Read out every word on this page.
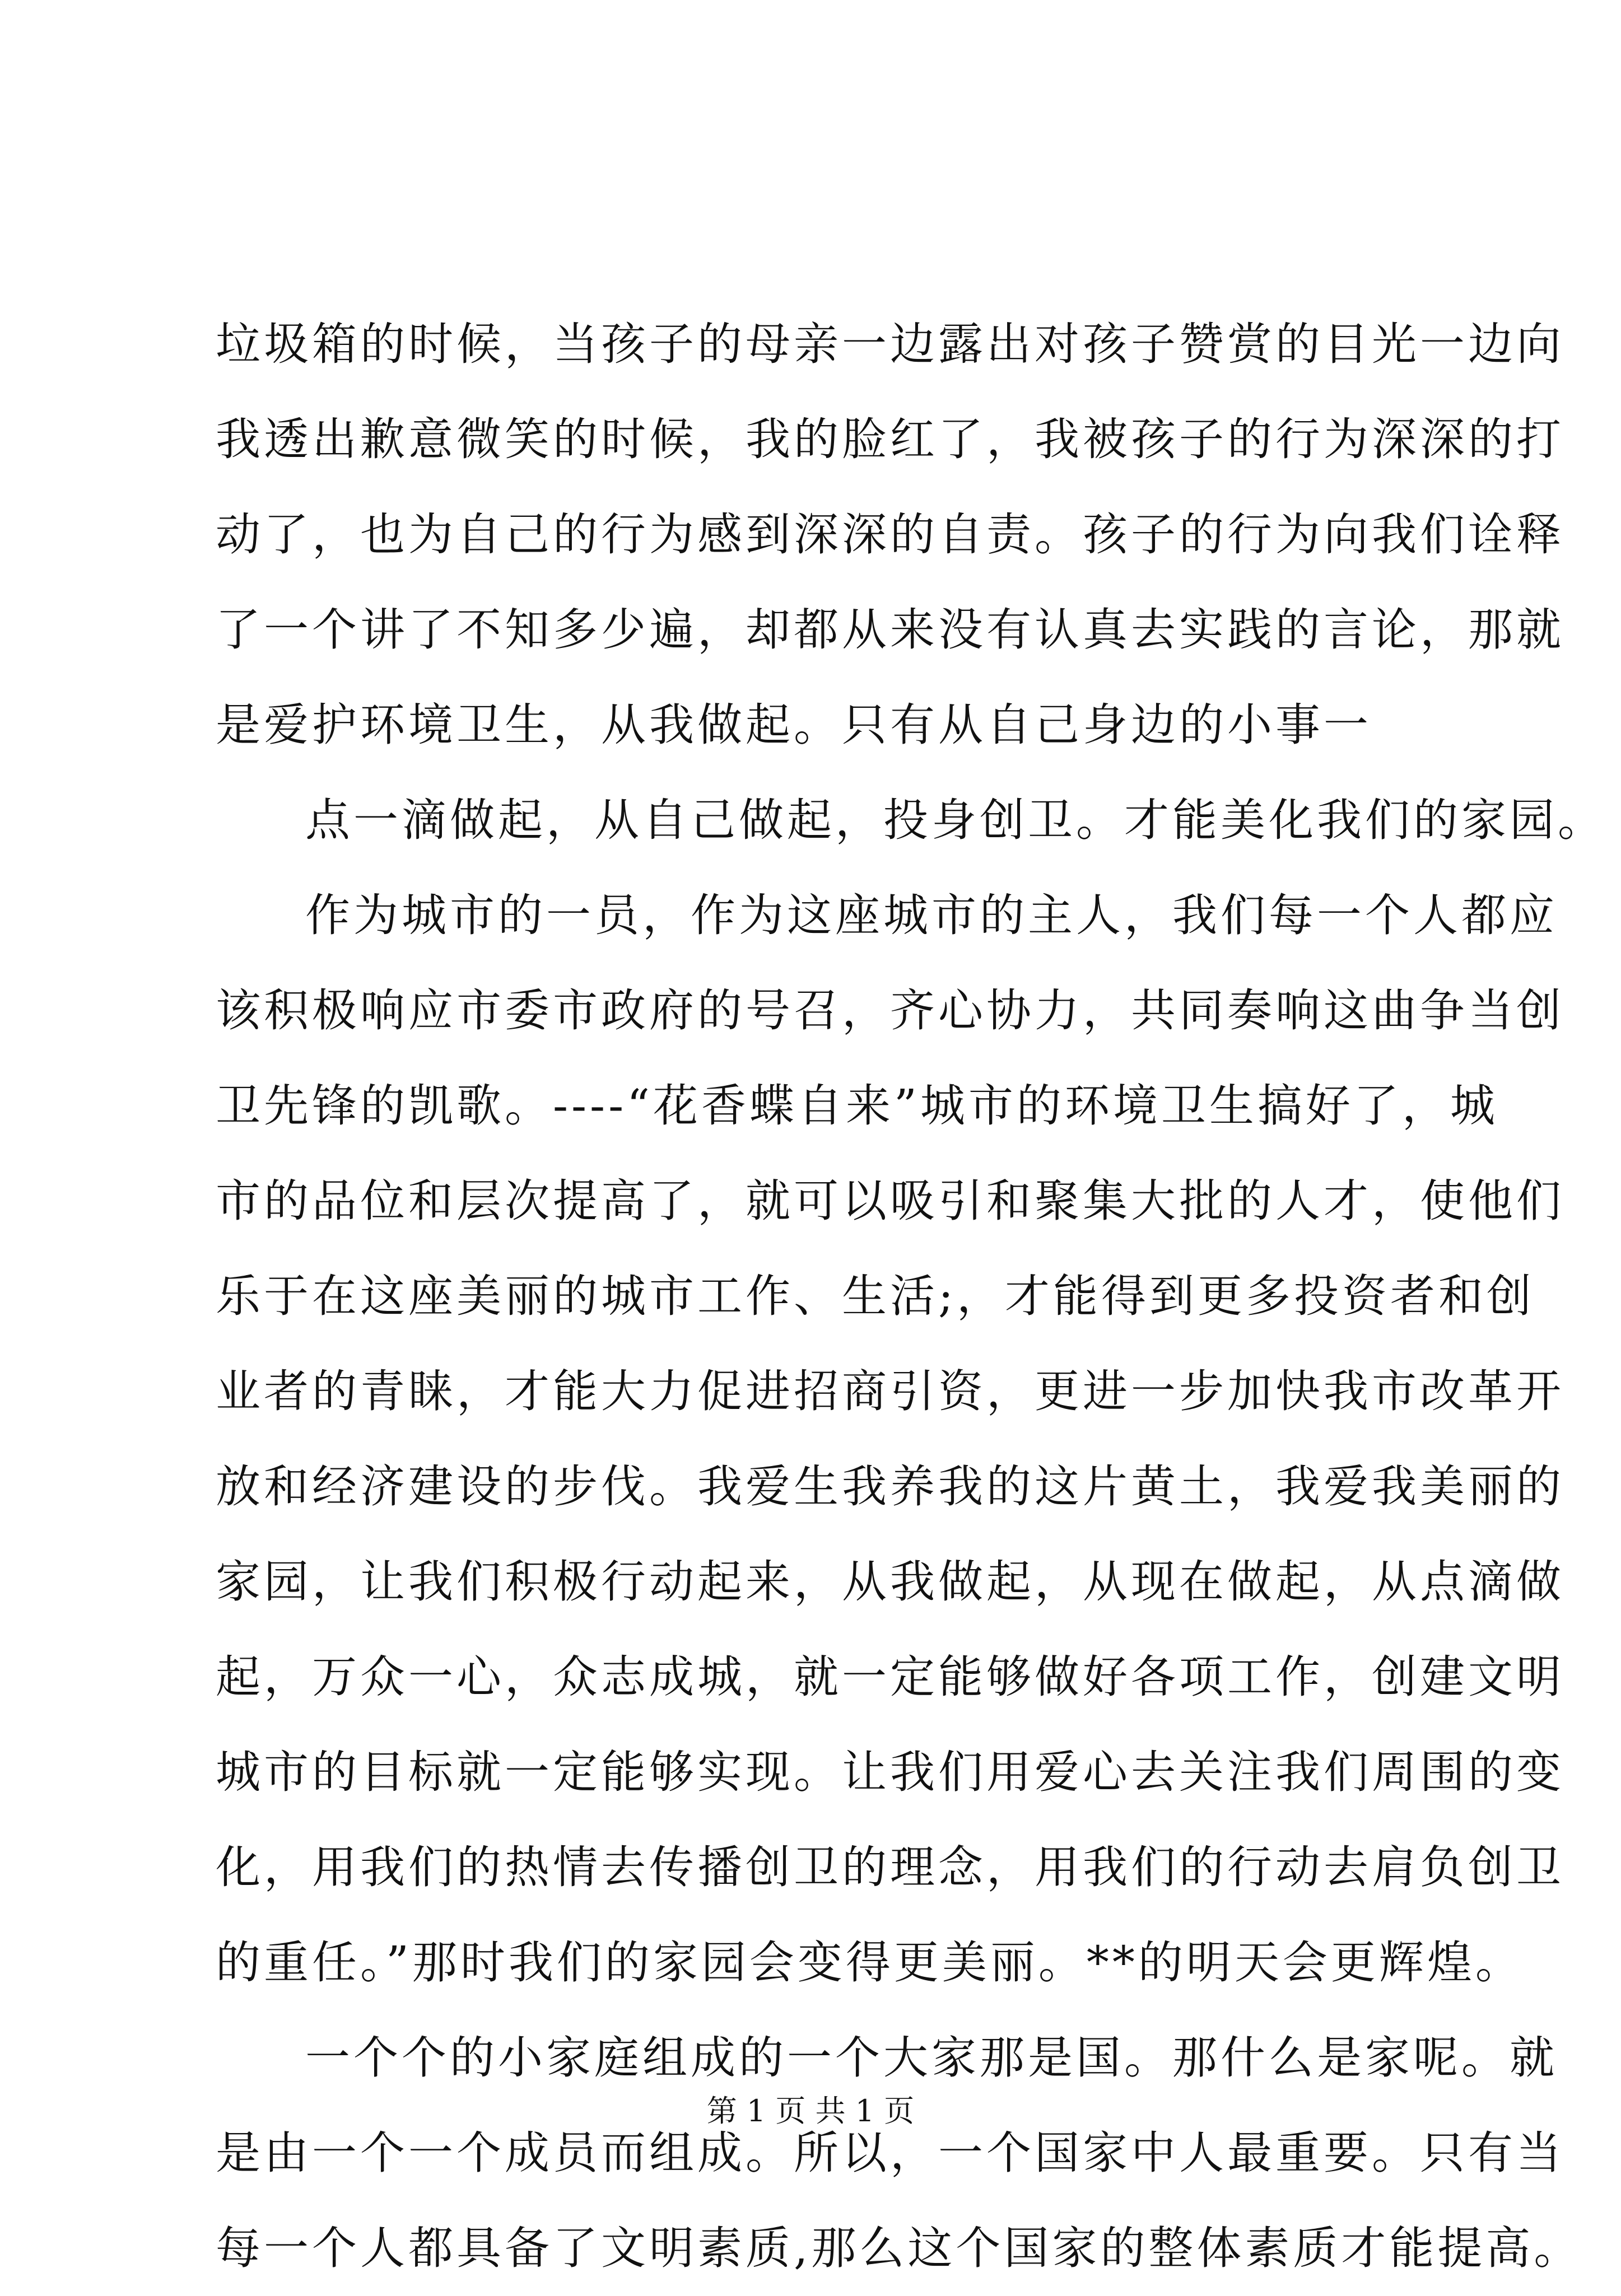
垃圾箱的时候，当孩子的母亲一边露出对孩子赞赏的目光一边向
我透出歉意微笑的时候，我的脸红了，我被孩子的行为深深的打
动了，也为自己的行为感到深深的自责。孩子的行为向我们诠释
了一个讲了不知多少遍，却都从来没有认真去实践的言论，那就
是爱护环境卫生，从我做起。只有从自己身边的小事一
点一滴做起，从自己做起，投身创卫。才能美化我们的家园。
作为城市的一员，作为这座城市的主人，我们每一个人都应
该积极响应市委市政府的号召，齐心协力，共同奏响这曲争当创
卫先锋的凯歌。----“花香蝶自来”城市的环境卫生搞好了，城
市的品位和层次提高了，就可以吸引和聚集大批的人才，使他们
乐于在这座美丽的城市工作、生活;，才能得到更多投资者和创
业者的青睐，才能大力促进招商引资，更进一步加快我市改革开
放和经济建设的步伐。我爱生我养我的这片黄土，我爱我美丽的
家园，让我们积极行动起来，从我做起，从现在做起，从点滴做
起，万众一心，众志成城，就一定能够做好各项工作，创建文明
城市的目标就一定能够实现。让我们用爱心去关注我们周围的变
化，用我们的热情去传播创卫的理念，用我们的行动去肩负创卫
的重任。”那时我们的家园会变得更美丽。**的明天会更辉煌。
一个个的小家庭组成的一个大家那是国。那什么是家呢。就
是由一个一个成员而组成。所以，一个国家中人最重要。只有当
每一个人都具备了文明素质,那么这个国家的整体素质才能提高。
第 1 页 共 1 页
